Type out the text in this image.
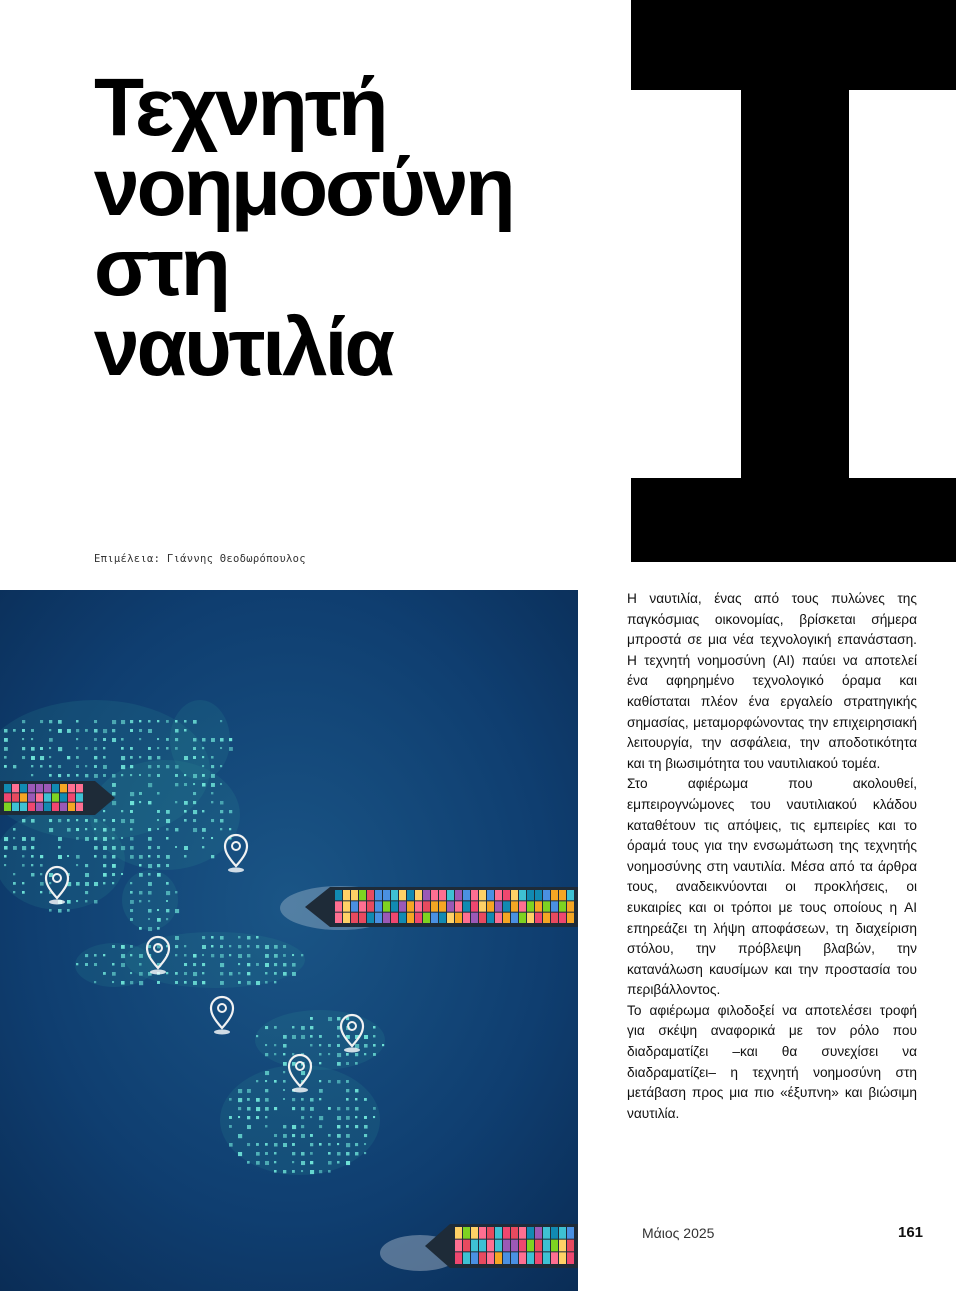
Τεχνητή
νοημοσύνη
στη
ναυτιλία
Επιμέλεια: Γιάννης Θεοδωρόπουλος

Η ναυτιλία, ένας από τους πυλώνες της παγκόσμιας οικονομίας, βρίσκεται σήμερα μπροστά σε μια νέα τεχνολογική επανάσταση. Η τεχνητή νοημοσύνη (AI) παύει να αποτελεί ένα αφηρημένο τεχνολογικό όραμα και καθίσταται πλέον ένα εργαλείο στρατηγικής σημασίας, μεταμορφώνοντας την επιχειρησιακή λειτουργία, την ασφάλεια, την αποδοτικότητα και τη βιωσιμότητα του ναυτιλιακού τομέα.

Στο αφιέρωμα που ακολουθεί, εμπειρογνώμονες του ναυτιλιακού κλάδου καταθέτουν τις απόψεις, τις εμπειρίες και το όραμά τους για την ενσωμάτωση της τεχνητής νοημοσύνης στη ναυτιλία. Μέσα από τα άρθρα τους, αναδεικνύονται οι προκλήσεις, οι ευκαιρίες και οι τρόποι με τους οποίους η AI επηρεάζει τη λήψη αποφάσεων, τη διαχείριση στόλου, την πρόβλεψη βλαβών, την κατανάλωση καυσίμων και την προστασία του περιβάλλοντος.

Το αφιέρωμα φιλοδοξεί να αποτελέσει τροφή για σκέψη αναφορικά με τον ρόλο που διαδραματίζει –και θα συνεχίσει να διαδραματίζει– η τεχνητή νοημοσύνη στη μετάβαση προς μια πιο «έξυπνη» και βιώσιμη ναυτιλία.

Μάιος 2025	161
